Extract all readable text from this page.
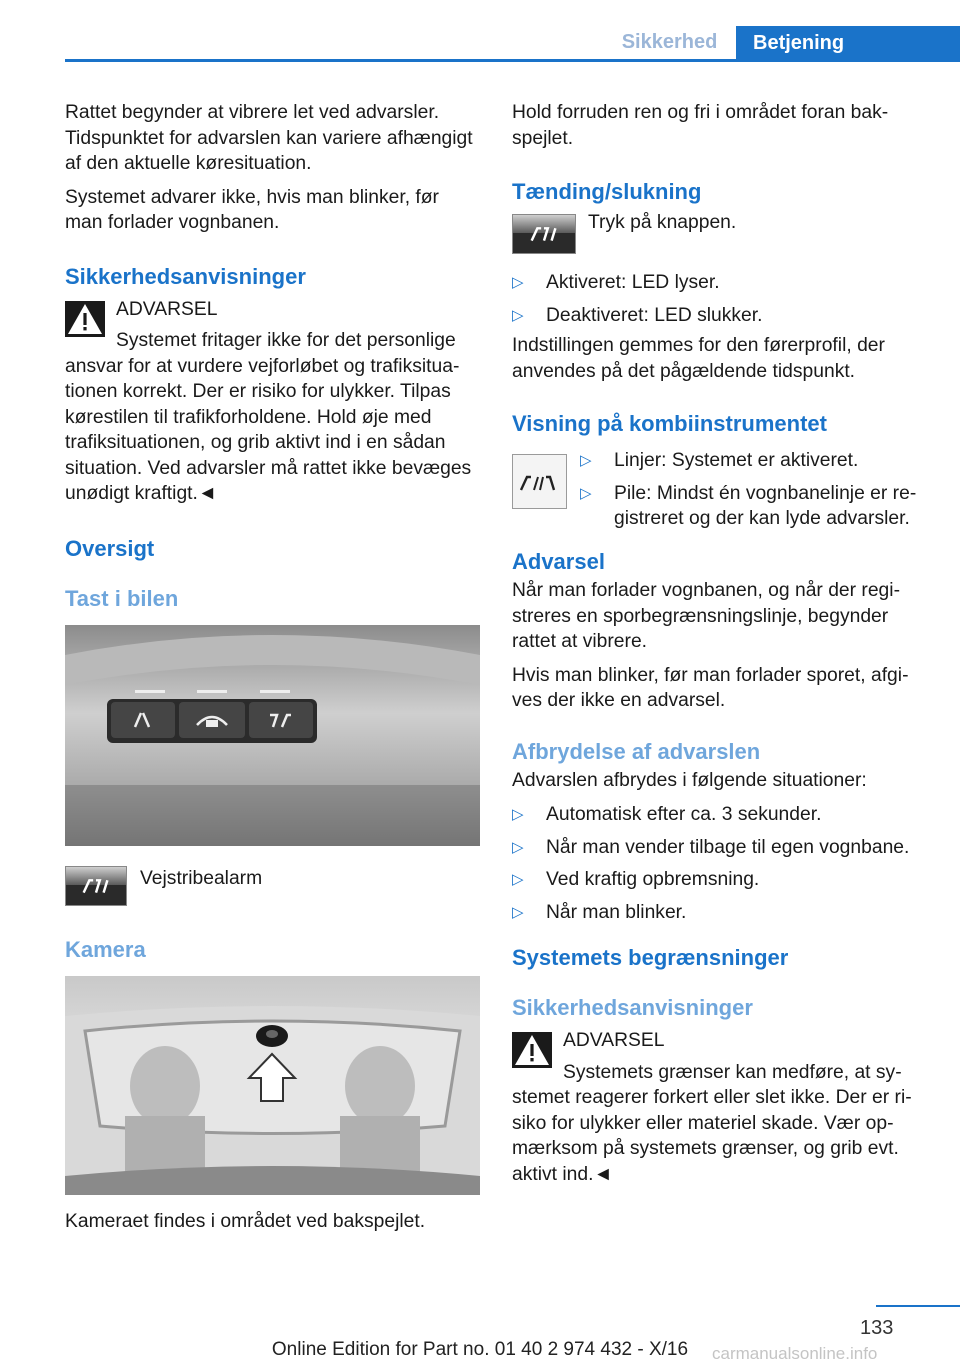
Sikkerhed	Betjening

Rattet begynder at vibrere let ved advarsler. Tidspunktet for advarslen kan variere afhængigt af den aktuelle køresituation.

Systemet advarer ikke, hvis man blinker, før man forlader vognbanen.

Sikkerhedsanvisninger

ADVARSEL

Systemet fritager ikke for det personlige ansvar for at vurdere vejforløbet og trafiksituationen korrekt. Der er risiko for ulykker. Tilpas kørestilen til trafikforholdene. Hold øje med trafiksituationen, og grib aktivt ind i en sådan situation. Ved advarsler må rattet ikke bevæges unødigt kraftigt.◄

Oversigt
Tast i bilen

Vejstribealarm

Kamera

Kameraet findes i området ved bakspejlet.

Hold forruden ren og fri i området foran bakspejlet.

Tænding/slukning

Tryk på knappen.

▷ Aktiveret: LED lyser.
▷ Deaktiveret: LED slukker.

Indstillingen gemmes for den førerprofil, der anvendes på det pågældende tidspunkt.

Visning på kombiinstrumentet
▷ Linjer: Systemet er aktiveret.
▷ Pile: Mindst én vognbanelinje er registreret og der kan lyde advarsler.
Advarsel

Når man forlader vognbanen, og når der registreres en sporbegrænsningslinje, begynder rattet at vibrere.

Hvis man blinker, før man forlader sporet, afgives der ikke en advarsel.

Afbrydelse af advarslen

Advarslen afbrydes i følgende situationer:

▷ Automatisk efter ca. 3 sekunder.
▷ Når man vender tilbage til egen vognbane.
▷ Ved kraftig opbremsning.
▷ Når man blinker.
Systemets begrænsninger
Sikkerhedsanvisninger

ADVARSEL

Systemets grænser kan medføre, at systemet reagerer forkert eller slet ikke. Der er risiko for ulykker eller materiel skade. Vær opmærksom på systemets grænser, og grib evt. aktivt ind.◄

133
Online Edition for Part no. 01 40 2 974 432 - X/16	carmanualsonline.info
